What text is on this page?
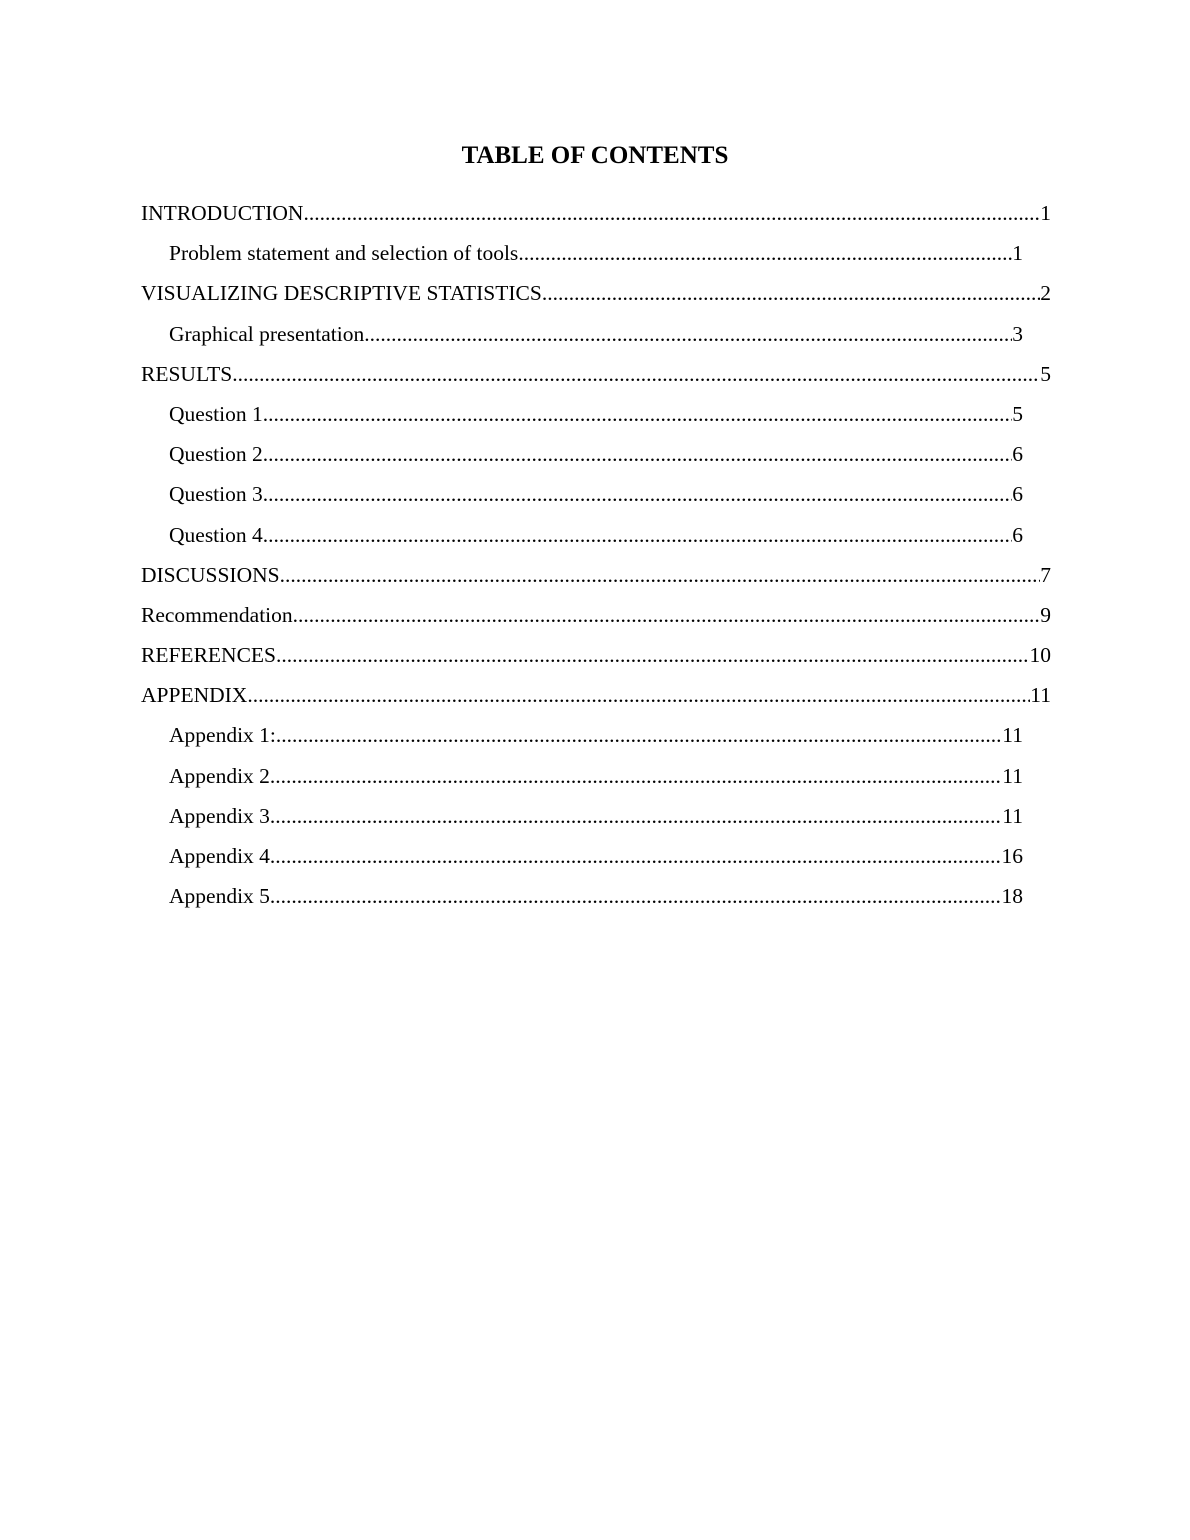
TABLE OF CONTENTS
INTRODUCTION .....	1
Problem statement and selection of tools .....	1
VISUALIZING DESCRIPTIVE STATISTICS .....	2
Graphical presentation .....	3
RESULTS .....	5
Question 1 .....	5
Question 2 .....	6
Question 3 .....	6
Question 4 .....	6
DISCUSSIONS .....	7
Recommendation .....	9
REFERENCES .....	10
APPENDIX .....	11
Appendix 1: .....	11
Appendix 2 .....	11
Appendix 3 .....	11
Appendix 4 .....	16
Appendix 5 .....	18
